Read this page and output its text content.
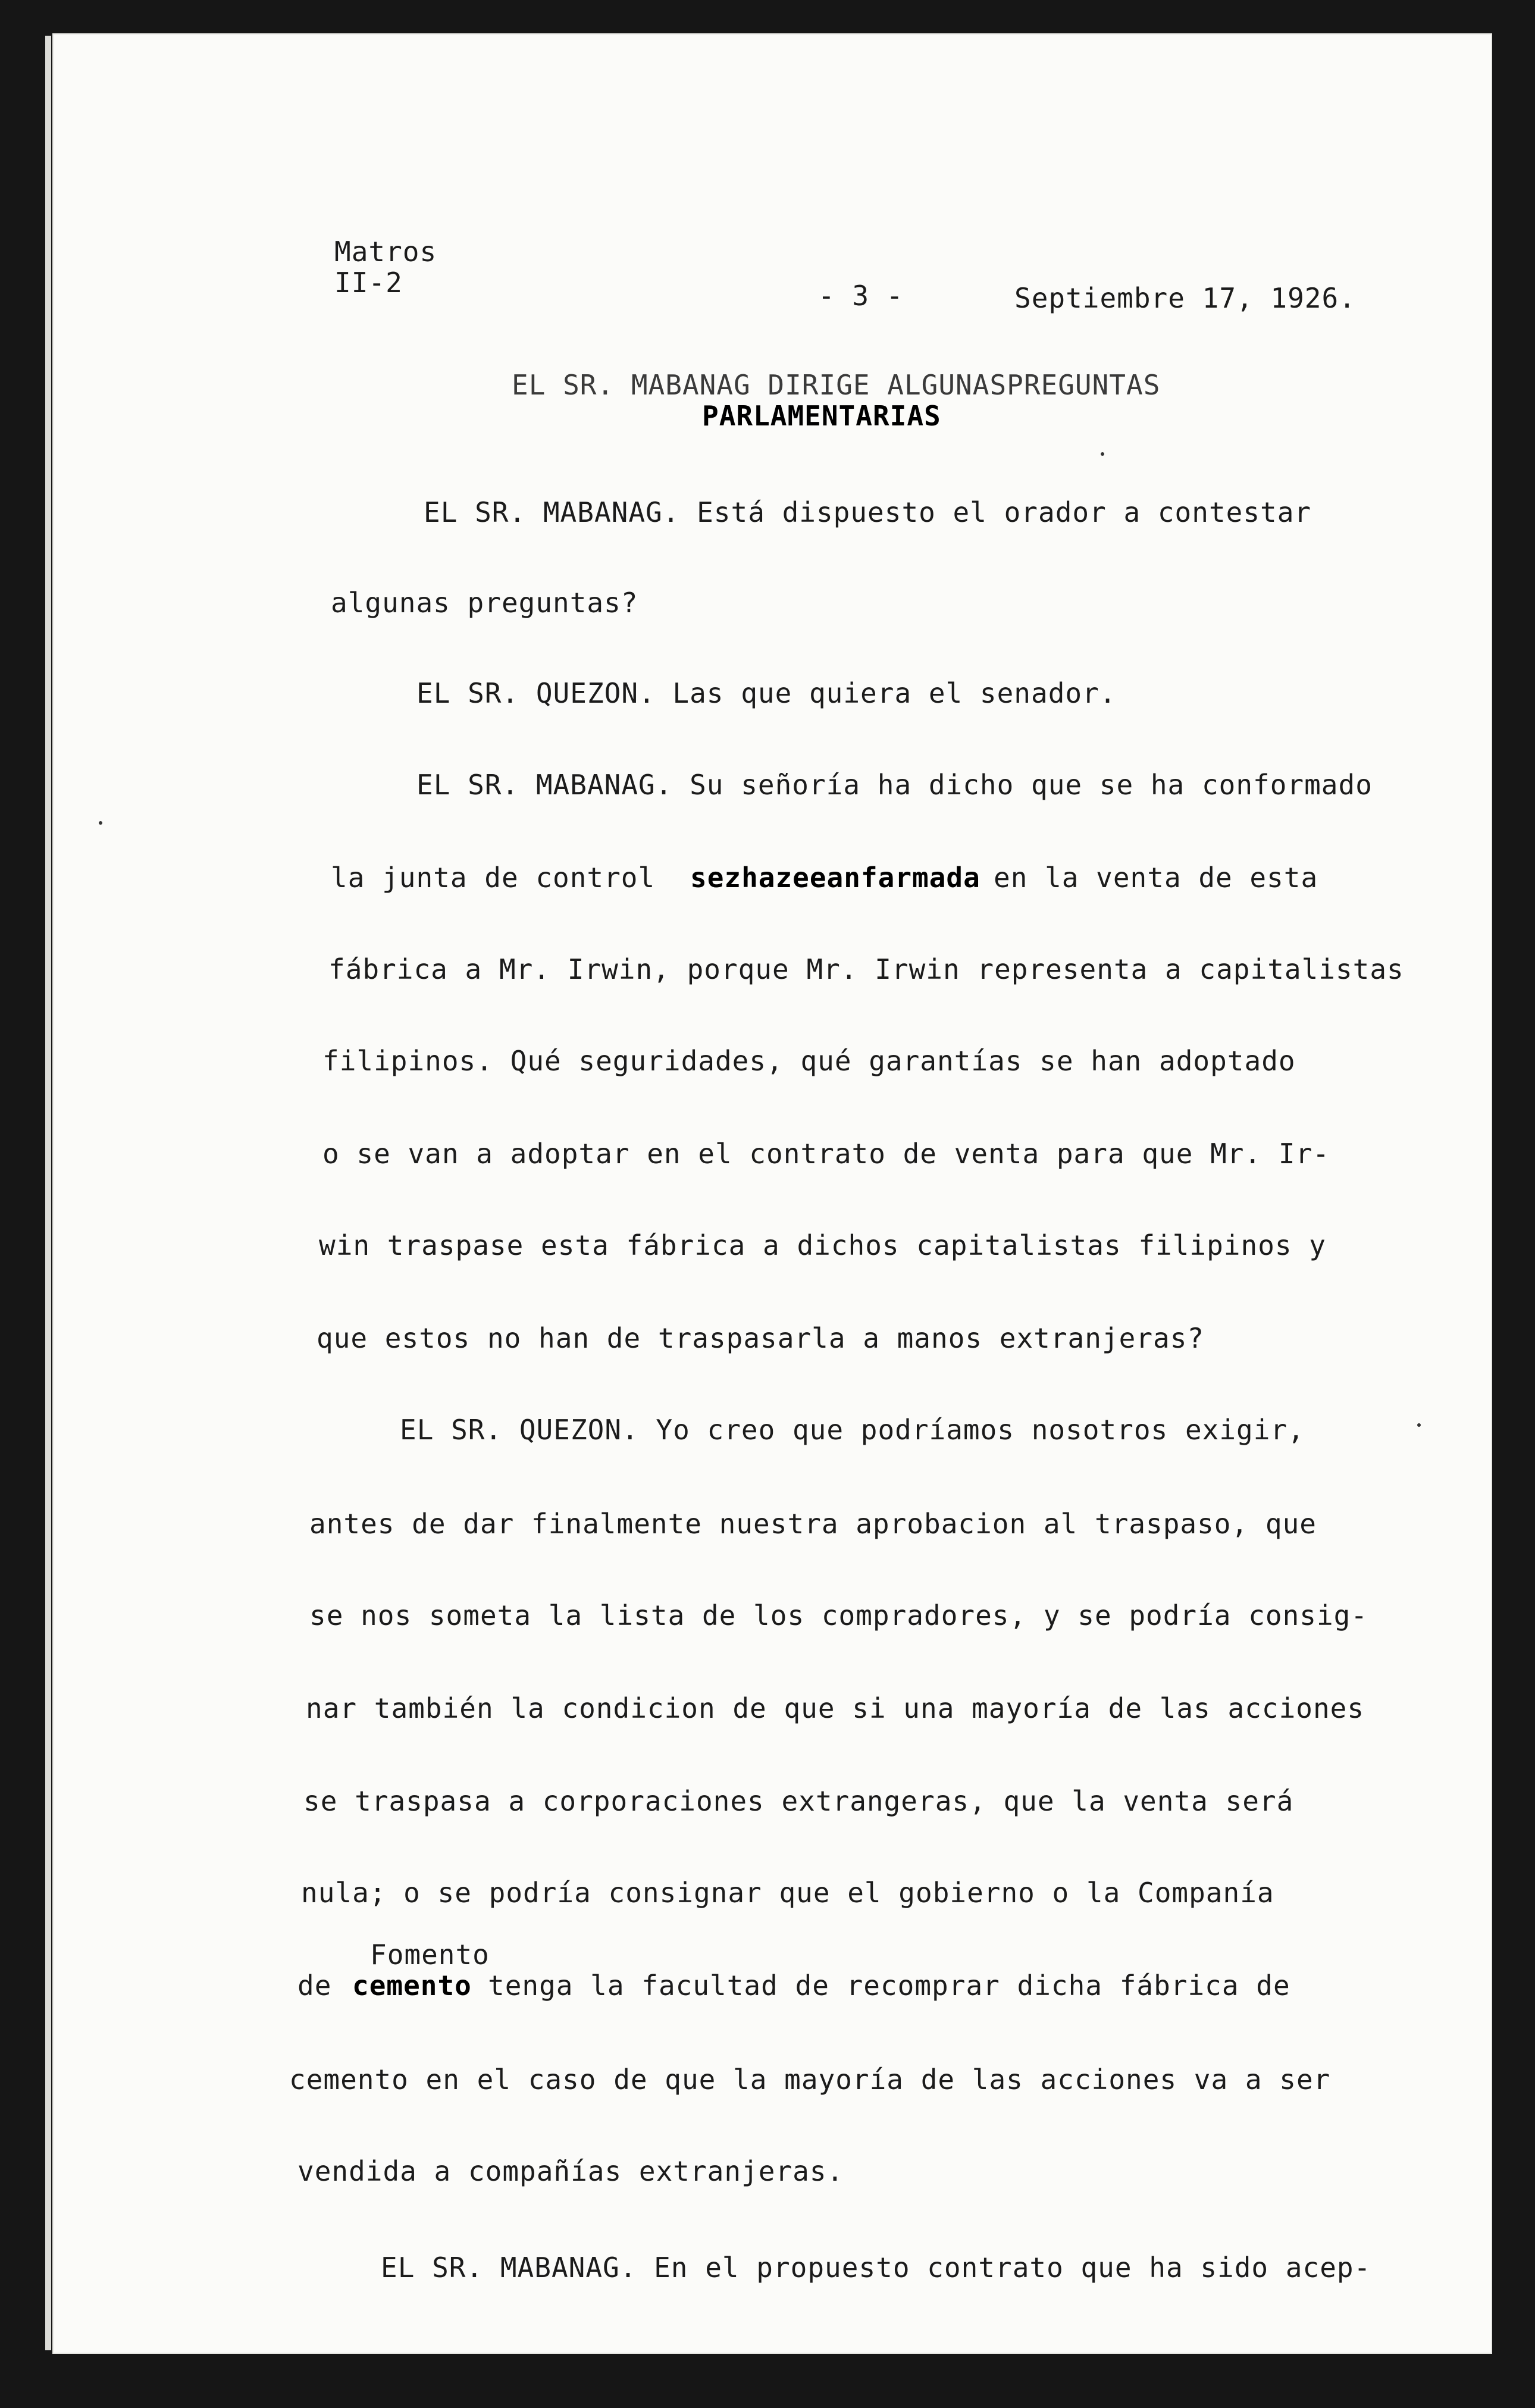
Matros
II-2	- 3 -	Septiembre 17, 1926.
EL SR. MABANAG DIRIGE ALGUNASPREGUNTAS
PARLAMENTARIAS
EL SR. MABANAG. Está dispuesto el orador a contestar
algunas preguntas?
EL SR. QUEZON. Las que quiera el senador.
EL SR. MABANAG. Su señoría ha dicho que se ha conformado
la junta de control sezhazeeanfarmada en la venta de esta
fábrica a Mr. Irwin, porque Mr. Irwin representa a capitalistas
filipinos. Qué seguridades, qué garantías se han adoptado
o se van a adoptar en el contrato de venta para que Mr. Ir-
win traspase esta fábrica a dichos capitalistas filipinos y
que estos no han de traspasarla a manos extranjeras?
EL SR. QUEZON. Yo creo que podríamos nosotros exigir,
antes de dar finalmente nuestra aprobacion al traspaso, que
se nos someta la lista de los compradores, y se podría consig-
nar también la condicion de que si una mayoría de las acciones
se traspasa a corporaciones extrangeras, que la venta será
nula; o se podría consignar que el gobierno o la Companía
Fomento
de cemento tenga la facultad de recomprar dicha fábrica de
cemento en el caso de que la mayoría de las acciones va a ser
vendida a compañías extranjeras.
EL SR. MABANAG. En el propuesto contrato que ha sido acep-
